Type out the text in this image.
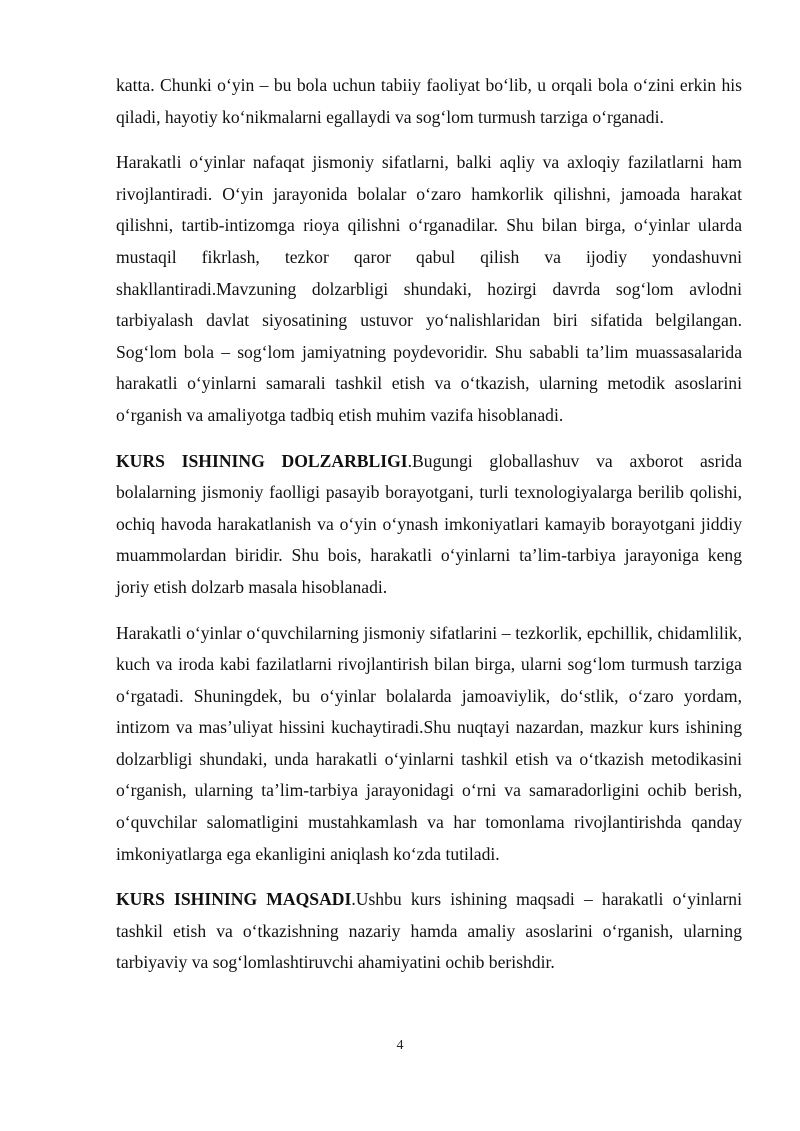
katta. Chunki o‘yin – bu bola uchun tabiiy faoliyat bo‘lib, u orqali bola o‘zini erkin his qiladi, hayotiy ko‘nikmalarni egallaydi va sog‘lom turmush tarziga o‘rganadi.

Harakatli o‘yinlar nafaqat jismoniy sifatlarni, balki aqliy va axloqiy fazilatlarni ham rivojlantiradi. O‘yin jarayonida bolalar o‘zaro hamkorlik qilishni, jamoada harakat qilishni, tartib-intizomga rioya qilishni o‘rganadilar. Shu bilan birga, o‘yinlar ularda mustaqil fikrlash, tezkor qaror qabul qilish va ijodiy yondashuvni shakllantiradi.Mavzuning dolzarbligi shundaki, hozirgi davrda sog‘lom avlodni tarbiyalash davlat siyosatining ustuvor yo‘nalishlaridan biri sifatida belgilangan. Sog‘lom bola – sog‘lom jamiyatning poydevoridir. Shu sababli ta’lim muassasalarida harakatli o‘yinlarni samarali tashkil etish va o‘tkazish, ularning metodik asoslarini o‘rganish va amaliyotga tadbiq etish muhim vazifa hisoblanadi.

KURS ISHINING DOLZARBLIGI.Bugungi globallashuv va axborot asrida bolalarning jismoniy faolligi pasayib borayotgani, turli texnologiyalarga berilib qolishi, ochiq havoda harakatlanish va o‘yin o‘ynash imkoniyatlari kamayib borayotgani jiddiy muammolardan biridir. Shu bois, harakatli o‘yinlarni ta’lim-tarbiya jarayoniga keng joriy etish dolzarb masala hisoblanadi.

Harakatli o‘yinlar o‘quvchilarning jismoniy sifatlarini – tezkorlik, epchillik, chidamlilik, kuch va iroda kabi fazilatlarni rivojlantirish bilan birga, ularni sog‘lom turmush tarziga o‘rgatadi. Shuningdek, bu o‘yinlar bolalarda jamoaviylik, do‘stlik, o‘zaro yordam, intizom va mas’uliyat hissini kuchaytiradi.Shu nuqtayi nazardan, mazkur kurs ishining dolzarbligi shundaki, unda harakatli o‘yinlarni tashkil etish va o‘tkazish metodikasini o‘rganish, ularning ta’lim-tarbiya jarayonidagi o‘rni va samaradorligini ochib berish, o‘quvchilar salomatligini mustahkamlash va har tomonlama rivojlantirishda qanday imkoniyatlarga ega ekanligini aniqlash ko‘zda tutiladi.

KURS ISHINING MAQSADI.Ushbu kurs ishining maqsadi – harakatli o‘yinlarni tashkil etish va o‘tkazishning nazariy hamda amaliy asoslarini o‘rganish, ularning tarbiyaviy va sog‘lomlashtiruvchi ahamiyatini ochib berishdir.

4
